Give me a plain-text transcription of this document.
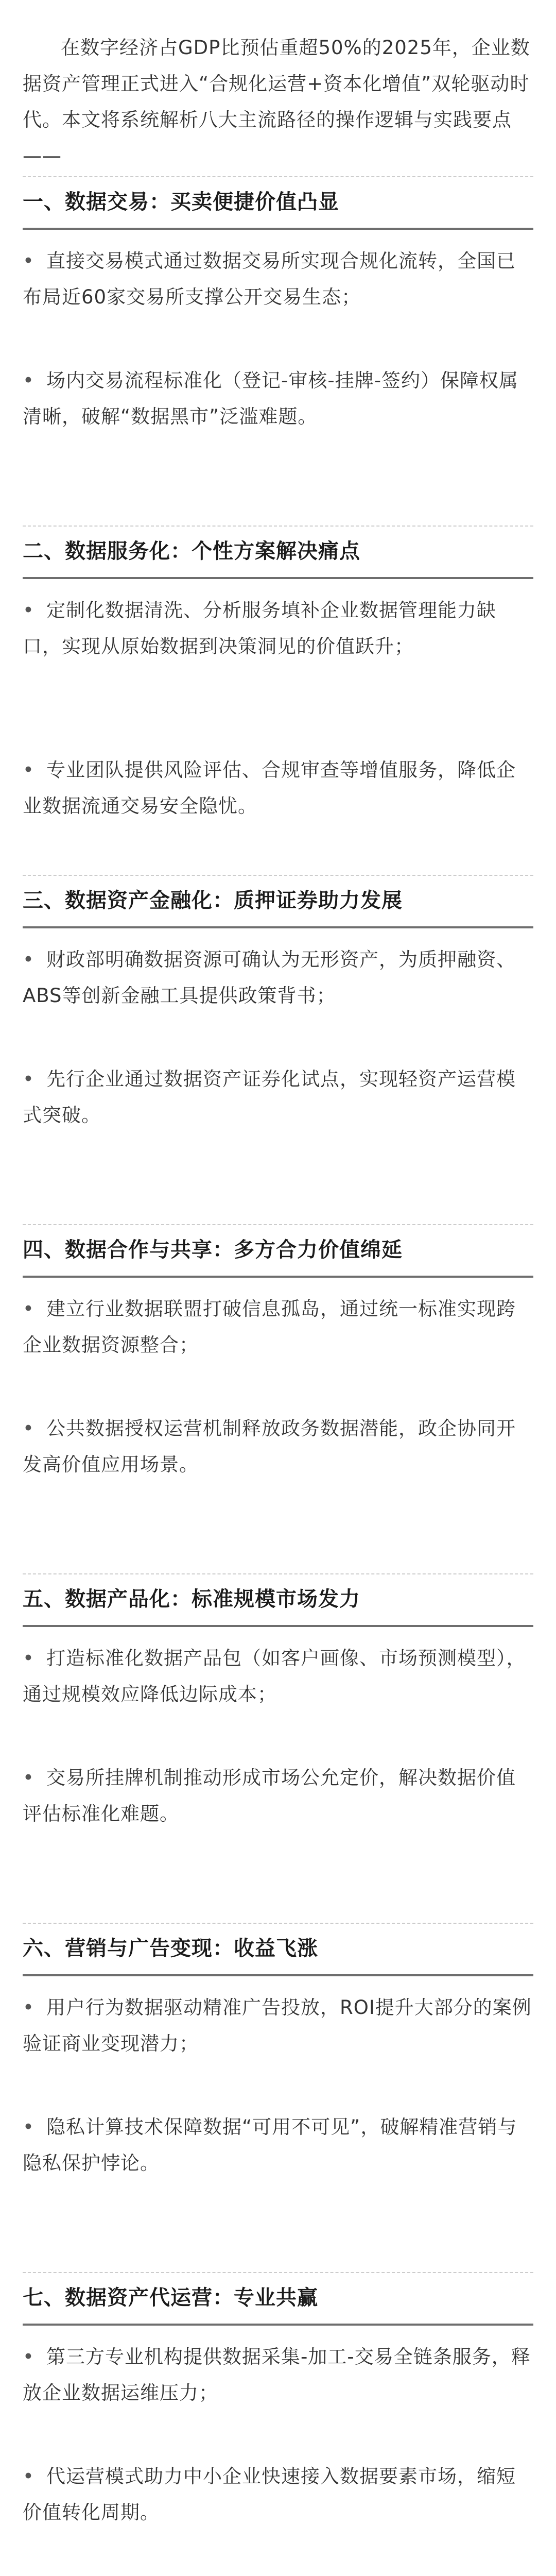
在数字经济占GDP比预估重超50%的2025年，企业数据资产管理正式进入“合规化运营+资本化增值”双轮驱动时代。本文将系统解析八大主流路径的操作逻辑与实践要点——

一、数据交易：买卖便捷价值凸显

• 直接交易模式通过数据交易所实现合规化流转，全国已布局近60家交易所支撑公开交易生态；

• 场内交易流程标准化（登记-审核-挂牌-签约）保障权属清晰，破解“数据黑市”泛滥难题。

二、数据服务化：个性方案解决痛点

• 定制化数据清洗、分析服务填补企业数据管理能力缺口，实现从原始数据到决策洞见的价值跃升；

• 专业团队提供风险评估、合规审查等增值服务，降低企业数据流通交易安全隐忧。

三、数据资产金融化：质押证券助力发展

• 财政部明确数据资源可确认为无形资产，为质押融资、ABS等创新金融工具提供政策背书；

• 先行企业通过数据资产证券化试点，实现轻资产运营模式突破。

四、数据合作与共享：多方合力价值绵延

• 建立行业数据联盟打破信息孤岛，通过统一标准实现跨企业数据资源整合；

• 公共数据授权运营机制释放政务数据潜能，政企协同开发高价值应用场景。

五、数据产品化：标准规模市场发力

• 打造标准化数据产品包（如客户画像、市场预测模型），通过规模效应降低边际成本；

• 交易所挂牌机制推动形成市场公允定价，解决数据价值评估标准化难题。

六、营销与广告变现：收益飞涨

• 用户行为数据驱动精准广告投放，ROI提升大部分的案例验证商业变现潜力；

• 隐私计算技术保障数据“可用不可见”，破解精准营销与隐私保护悖论。

七、数据资产代运营：专业共赢

• 第三方专业机构提供数据采集-加工-交易全链条服务，释放企业数据运维压力；

• 代运营模式助力中小企业快速接入数据要素市场，缩短价值转化周期。
